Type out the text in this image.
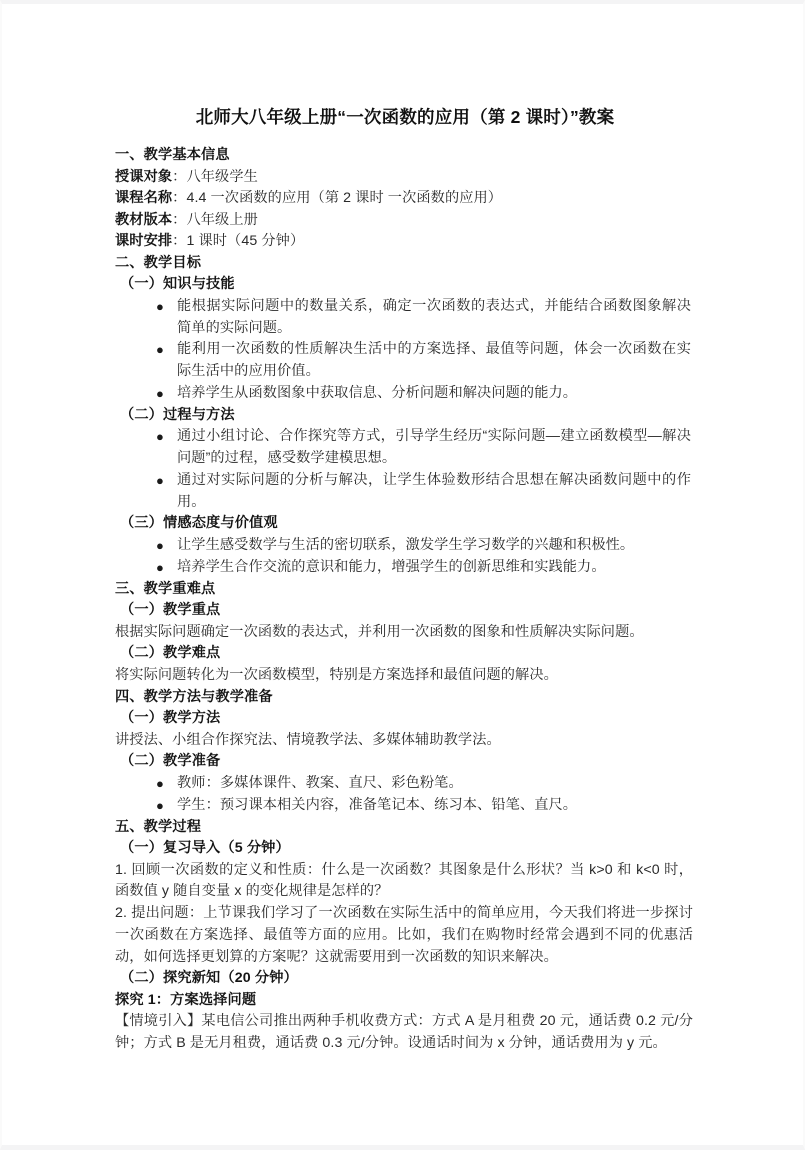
北师大八年级上册“一次函数的应用（第 2 课时）”教案
一、教学基本信息
授课对象：八年级学生
课程名称：4.4 一次函数的应用（第 2 课时 一次函数的应用）
教材版本：八年级上册
课时安排：1 课时（45 分钟）
二、教学目标
（一）知识与技能
● 能根据实际问题中的数量关系，确定一次函数的表达式，并能结合函数图象解决简单的实际问题。
● 能利用一次函数的性质解决生活中的方案选择、最值等问题，体会一次函数在实际生活中的应用价值。
● 培养学生从函数图象中获取信息、分析问题和解决问题的能力。
（二）过程与方法
● 通过小组讨论、合作探究等方式，引导学生经历“实际问题—建立函数模型—解决问题”的过程，感受数学建模思想。
● 通过对实际问题的分析与解决，让学生体验数形结合思想在解决函数问题中的作用。
（三）情感态度与价值观
● 让学生感受数学与生活的密切联系，激发学生学习数学的兴趣和积极性。
● 培养学生合作交流的意识和能力，增强学生的创新思维和实践能力。
三、教学重难点
（一）教学重点
根据实际问题确定一次函数的表达式，并利用一次函数的图象和性质解决实际问题。
（二）教学难点
将实际问题转化为一次函数模型，特别是方案选择和最值问题的解决。
四、教学方法与教学准备
（一）教学方法
讲授法、小组合作探究法、情境教学法、多媒体辅助教学法。
（二）教学准备
● 教师：多媒体课件、教案、直尺、彩色粉笔。
● 学生：预习课本相关内容，准备笔记本、练习本、铅笔、直尺。
五、教学过程
（一）复习导入（5 分钟）
1. 回顾一次函数的定义和性质：什么是一次函数？其图象是什么形状？当 k>0 和 k<0 时，函数值 y 随自变量 x 的变化规律是怎样的？
2. 提出问题：上节课我们学习了一次函数在实际生活中的简单应用，今天我们将进一步探讨一次函数在方案选择、最值等方面的应用。比如，我们在购物时经常会遇到不同的优惠活动，如何选择更划算的方案呢？这就需要用到一次函数的知识来解决。
（二）探究新知（20 分钟）
探究 1：方案选择问题
【情境引入】某电信公司推出两种手机收费方式：方式 A 是月租费 20 元，通话费 0.2 元/分钟；方式 B 是无月租费，通话费 0.3 元/分钟。设通话时间为 x 分钟，通话费用为 y 元。
